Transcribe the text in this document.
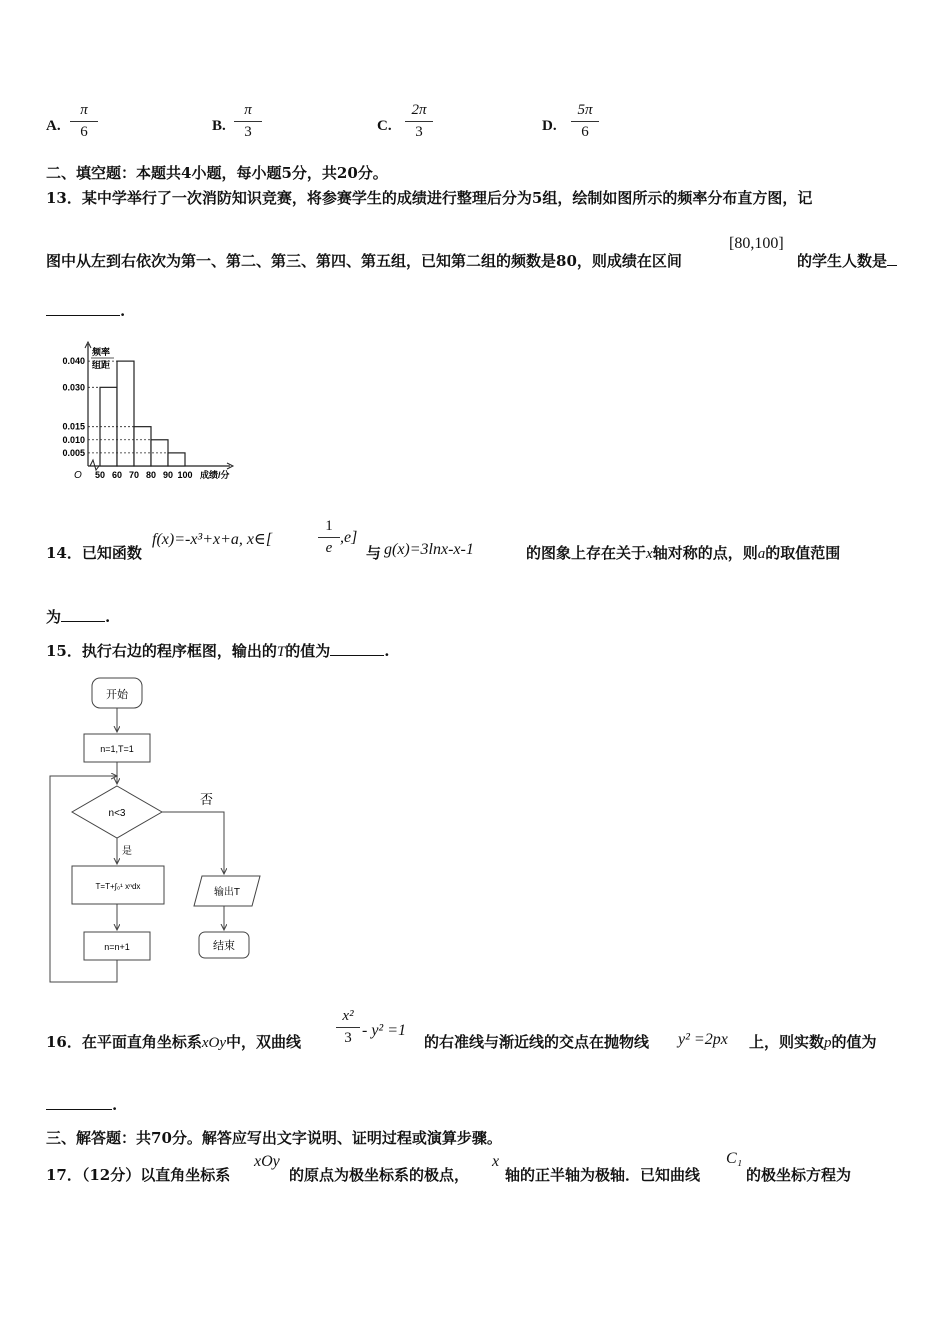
A. $\frac{\pi}{6}$	B. $\frac{\pi}{3}$	C. $\frac{2\pi}{3}$	D. $\frac{5\pi}{6}$
二、填空题：本题共4小题，每小题5分，共20分。
13．某中学举行了一次消防知识竞赛，将参赛学生的成绩进行整理后分为5组，绘制如图所示的频率分布直方图，记
图中从左到右依次为第一、第二、第三、第四、第五组，已知第二组的频数是80，则成绩在区间
[80,100]
的学生人数是
.
0.040
0.030
0.015
0.010
0.005
50 60 70 80 90 100
O	成绩/分
频率
组距
14．已知函数
f(x)=-x³+x+a, x∈[	$\frac{1}{e} ,e$]
与 g(x)=3lnx-x-1	的图象上存在关于x轴对称的点，则a的取值范围
为	.
15．执行右边的程序框图，输出的T的值为	.
开始
n=1,T=1
n<3
否
是
T=T+∫₀¹ xⁿdx
输出T
结束
n=n+1
16．在平面直角坐标系xOy中，双曲线 $\frac{\text{x²}}{3} - y^2 =1$
的右准线与渐近线的交点在抛物线 y² =2px 上，则实数p的值为
.
三、解答题：共70分。解答应写出文字说明、证明过程或演算步骤。
17．（12分）以直角坐标系
xOy
的原点为极坐标系的极点，
x
轴的正半轴为极轴．已知曲线
C₁
的极坐标方程为
